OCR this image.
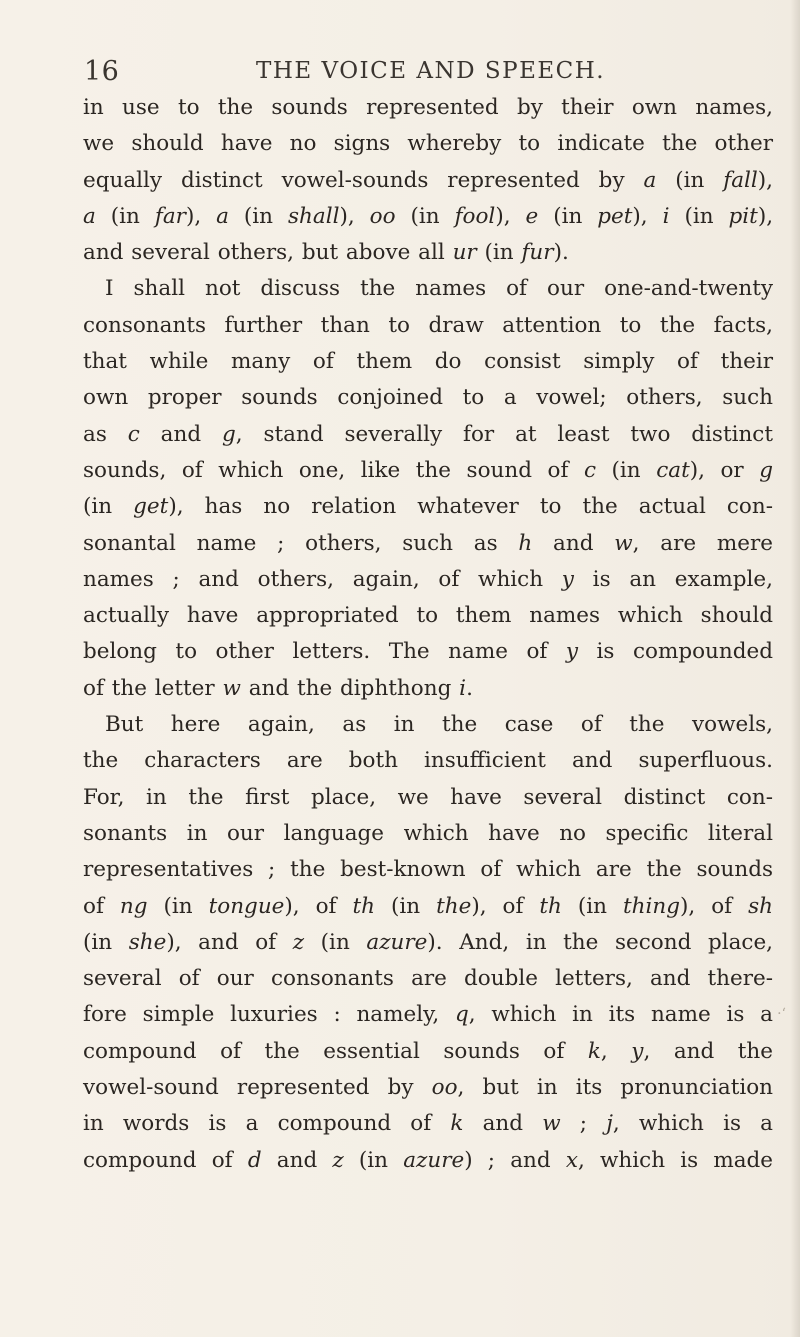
16	THE VOICE AND SPEECH.
in use to the sounds represented by their own names,
we should have no signs whereby to indicate the other
equally distinct vowel-sounds represented by a (in fall),
a (in far), a (in shall), oo (in fool), e (in pet), i (in pit),
and several others, but above all ur (in fur).
I shall not discuss the names of our one-and-twenty
consonants further than to draw attention to the facts,
that while many of them do consist simply of their
own proper sounds conjoined to a vowel; others, such
as c and g, stand severally for at least two distinct
sounds, of which one, like the sound of c (in cat), or g
(in get), has no relation whatever to the actual con-
sonantal name ; others, such as h and w, are mere
names ; and others, again, of which y is an example,
actually have appropriated to them names which should
belong to other letters. The name of y is compounded
of the letter w and the diphthong i.
But here again, as in the case of the vowels,
the characters are both insufficient and superfluous.
For, in the first place, we have several distinct con-
sonants in our language which have no specific literal
representatives ; the best-known of which are the sounds
of ng (in tongue), of th (in the), of th (in thing), of sh
(in she), and of z (in azure). And, in the second place,
several of our consonants are double letters, and there-
fore simple luxuries : namely, q, which in its name is a
compound of the essential sounds of k, y, and the
vowel-sound represented by oo, but in its pronunciation
in words is a compound of k and w ; j, which is a
compound of d and z (in azure) ; and x, which is made
·‘
